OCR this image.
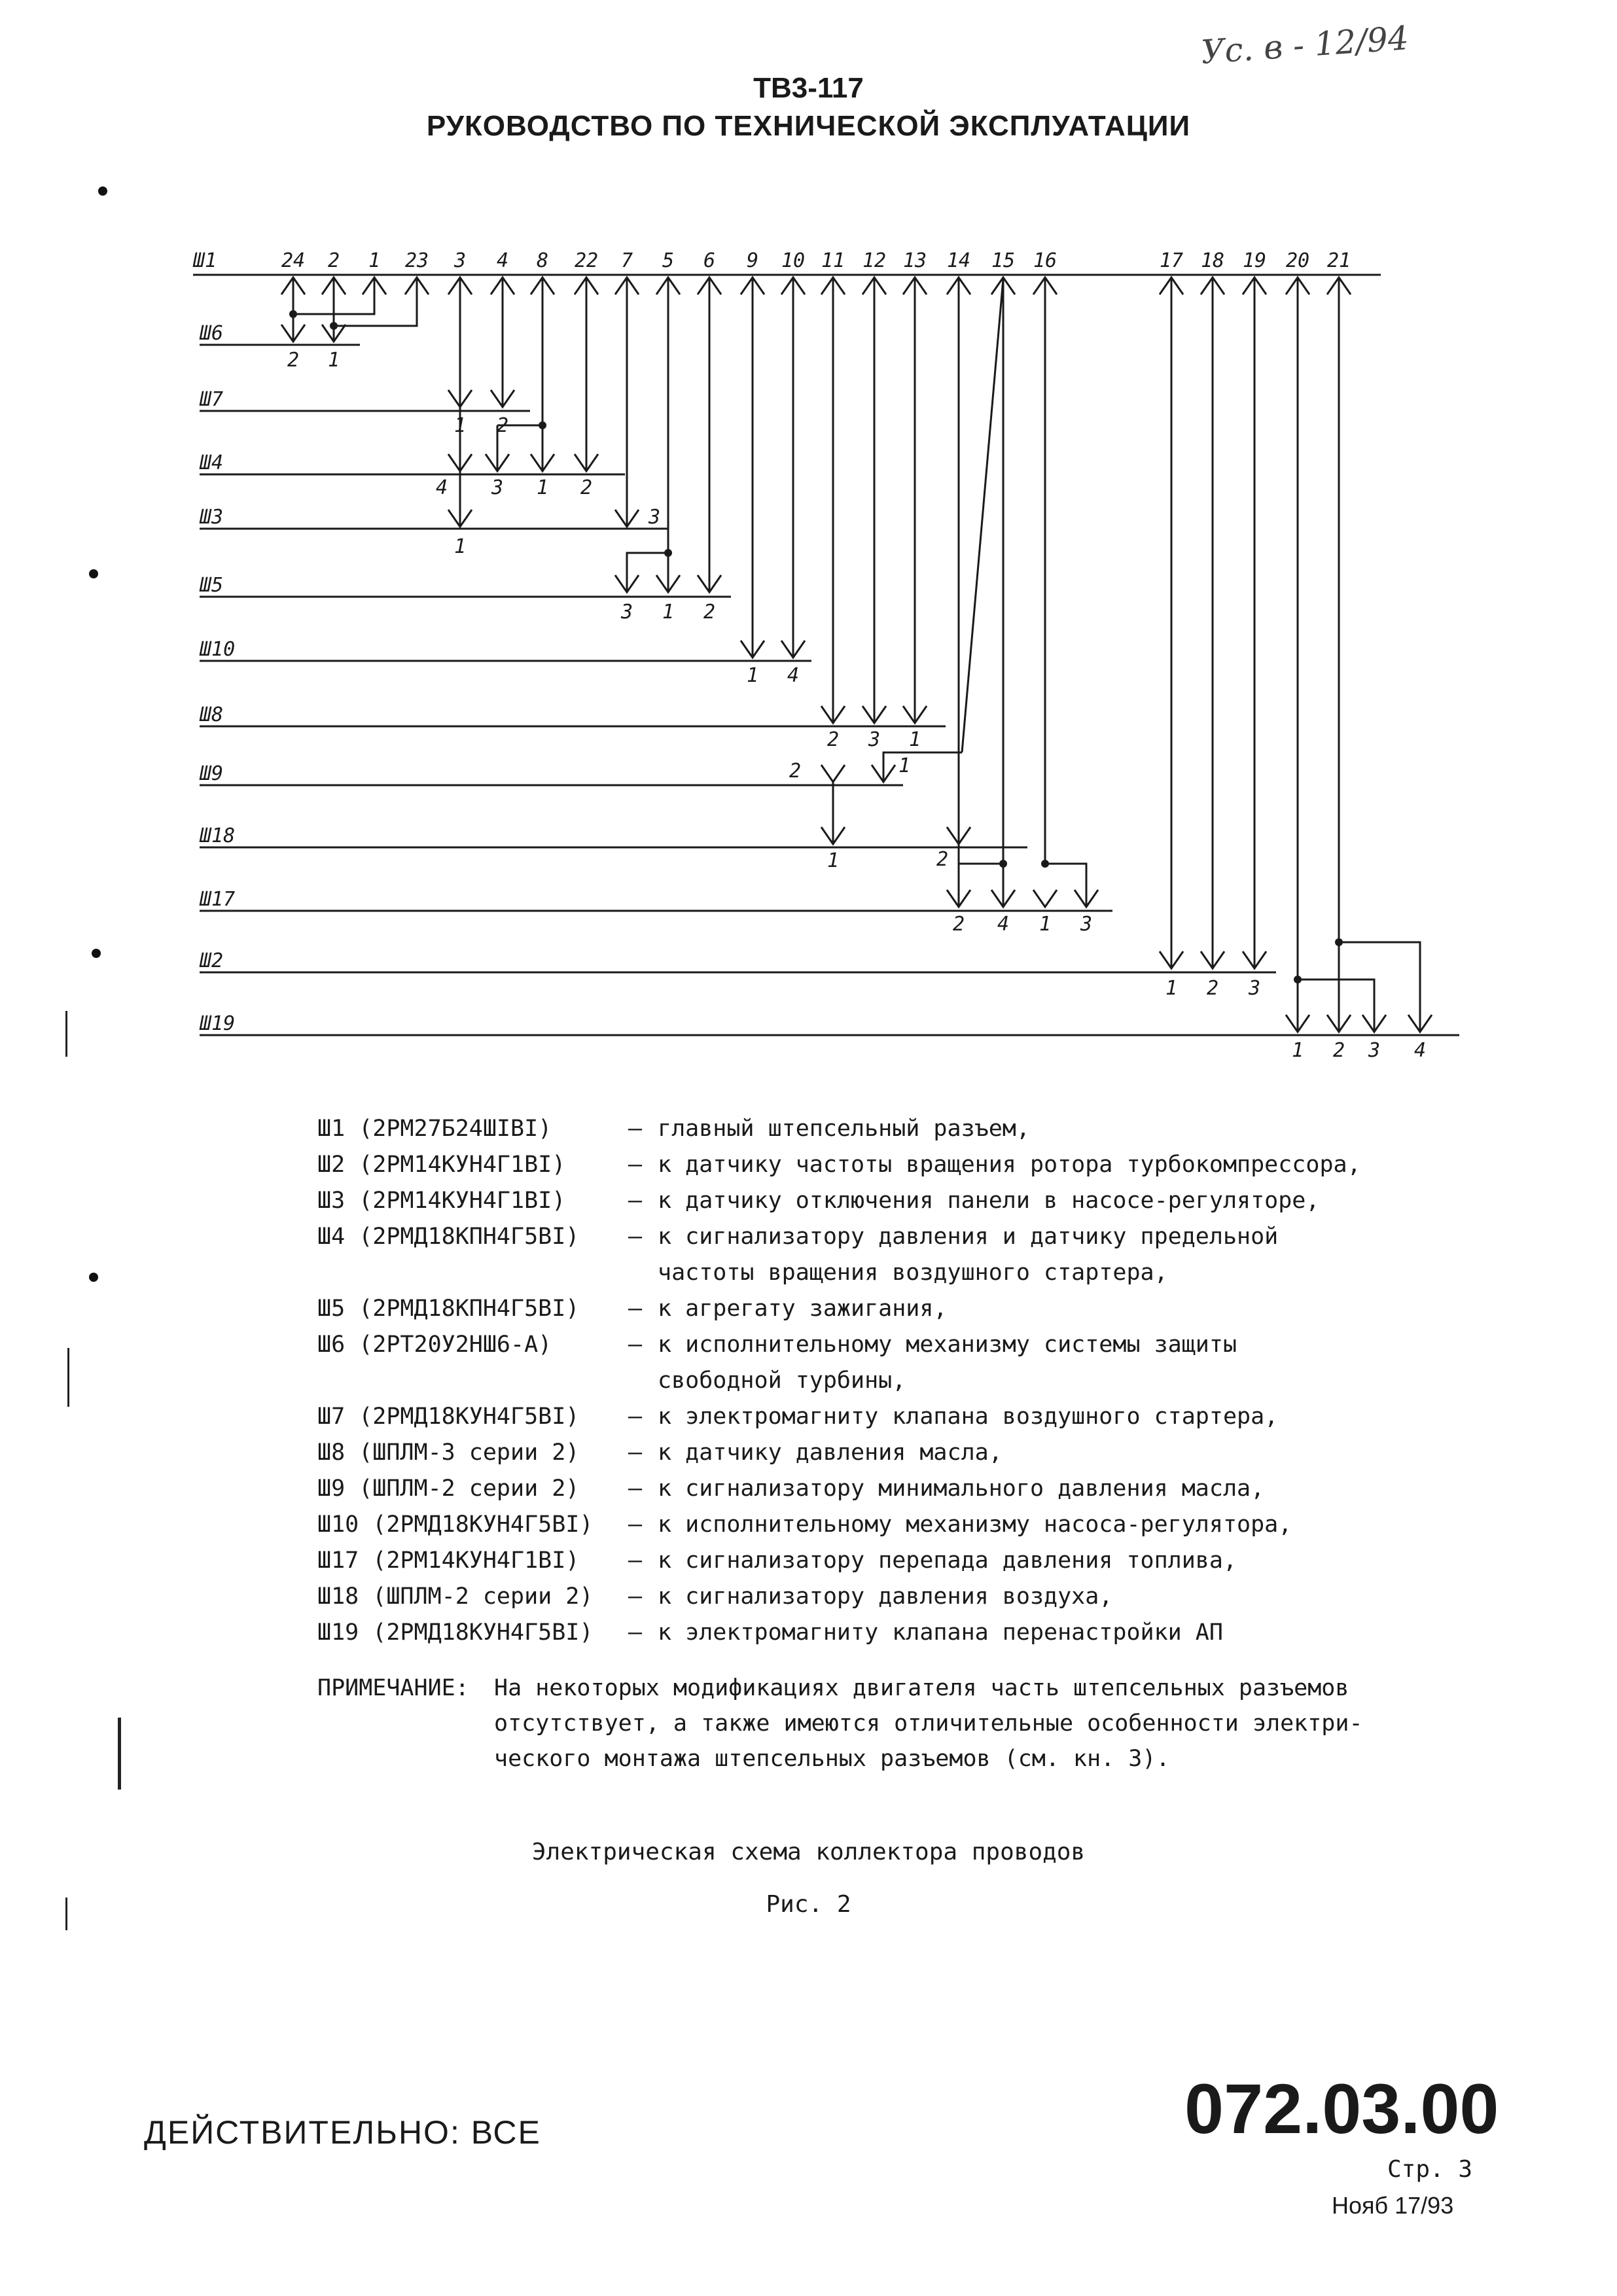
ТВ3-117
РУКОВОДСТВО ПО ТЕХНИЧЕСКОЙ ЭКСПЛУАТАЦИИ
Ус. в - 12/94
Ш1	24 2 1 23 3 4 8 22 7 5 6 9 10 11 12 13 14 15 16	17 18 19 20 21
Ш6
Ш7
Ш4
Ш3
Ш5
Ш10
Ш8
Ш9
Ш18
Ш17
Ш2
Ш19
2 1
1 2
4 3 1 2
1
3
3 1 2
1 4
2 3 1
2	1
1	2
2 4 1 3
1 2 3
1 2 3 4
Ш1 (2РМ27Б24ШIВI)	– главный штепсельный разъем,
Ш2 (2РМ14КУН4Г1ВI)	– к датчику частоты вращения ротора турбокомпрессора,
Ш3 (2РМ14КУН4Г1ВI)	– к датчику отключения панели в насосе-регуляторе,
Ш4 (2РМД18КПН4Г5ВI) – к сигнализатору давления и датчику предельной
частоты вращения воздушного стартера,
Ш5 (2РМД18КПН4Г5ВI) – к агрегату зажигания,
Ш6 (2РТ20У2НШ6-А)	– к исполнительному механизму системы защиты
свободной турбины,
Ш7 (2РМД18КУН4Г5ВI) – к электромагниту клапана воздушного стартера,
Ш8 (ШПЛМ-3 серии 2) – к датчику давления масла,
Ш9 (ШПЛМ-2 серии 2) – к сигнализатору минимального давления масла,
Ш10 (2РМД18КУН4Г5ВI) – к исполнительному механизму насоса-регулятора,
Ш17 (2РМ14КУН4Г1ВI) – к сигнализатору перепада давления топлива,
Ш18 (ШПЛМ-2 серии 2) – к сигнализатору давления воздуха,
Ш19 (2РМД18КУН4Г5ВI) – к электромагниту клапана перенастройки АП
ПРИМЕЧАНИЕ: На некоторых модификациях двигателя часть штепсельных разъемов
отсутствует, а также имеются отличительные особенности электри-
ческого монтажа штепсельных разъемов (см. кн. 3).
Электрическая схема коллектора проводов
Рис. 2
ДЕЙСТВИТЕЛЬНО: ВСЕ	072.03.00
Стр. 3
Нояб 17/93
